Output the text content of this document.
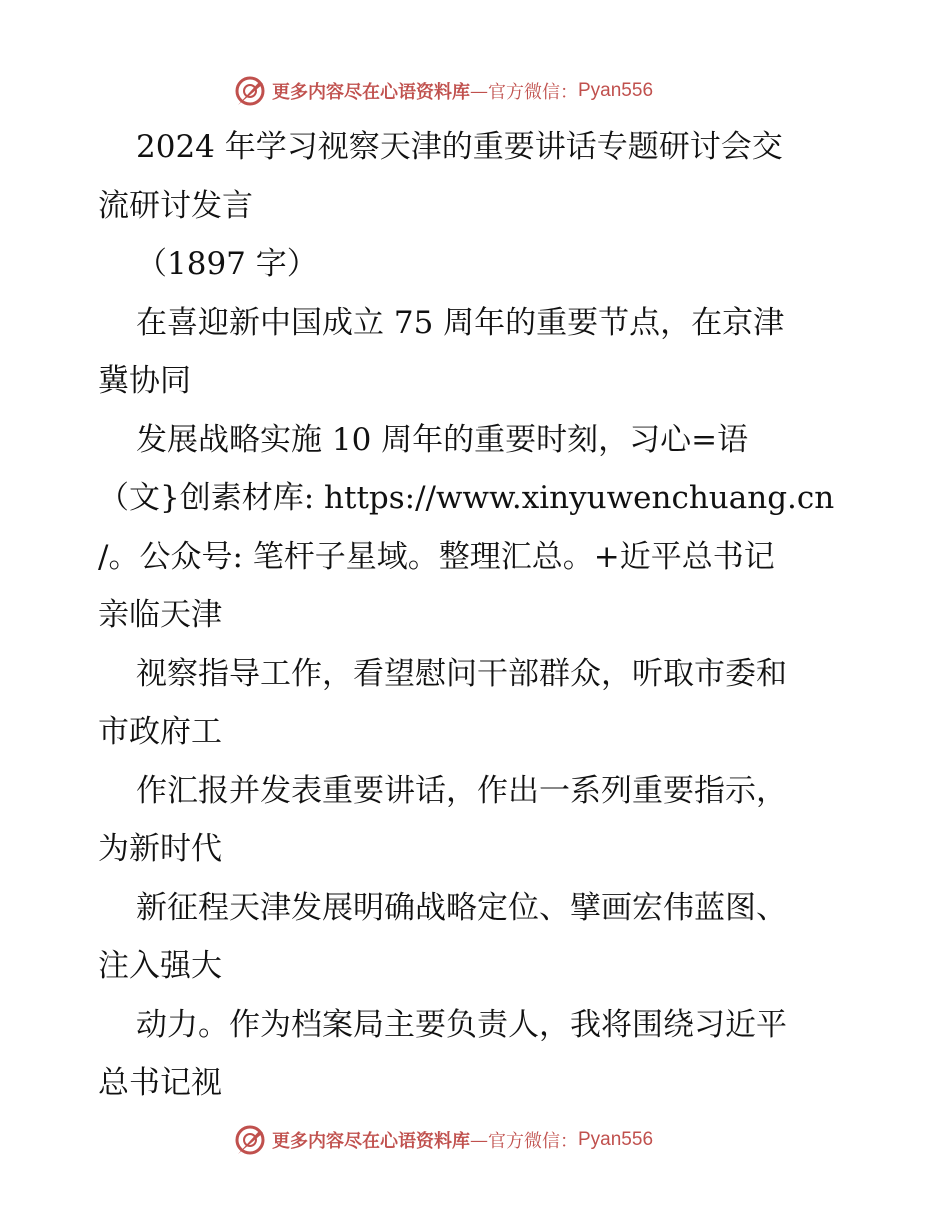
更多内容尽在心语资料库 — 官方微信： Pyan556
2024 年学习视察天津的重要讲话专题研讨会交
流研讨发言
（1897 字）
在喜迎新中国成立 75 周年的重要节点，在京津
冀协同
发展战略实施 10 周年的重要时刻，习心=语
（文}创素材库: https://www.xinyuwenchuang.cn
/。公众号: 笔杆子星域。整理汇总。+近平总书记
亲临天津
视察指导工作，看望慰问干部群众，听取市委和
市政府工
作汇报并发表重要讲话，作出一系列重要指示，
为新时代
新征程天津发展明确战略定位、擘画宏伟蓝图、
注入强大
动力。作为档案局主要负责人，我将围绕习近平
总书记视
更多内容尽在心语资料库 — 官方微信： Pyan556
